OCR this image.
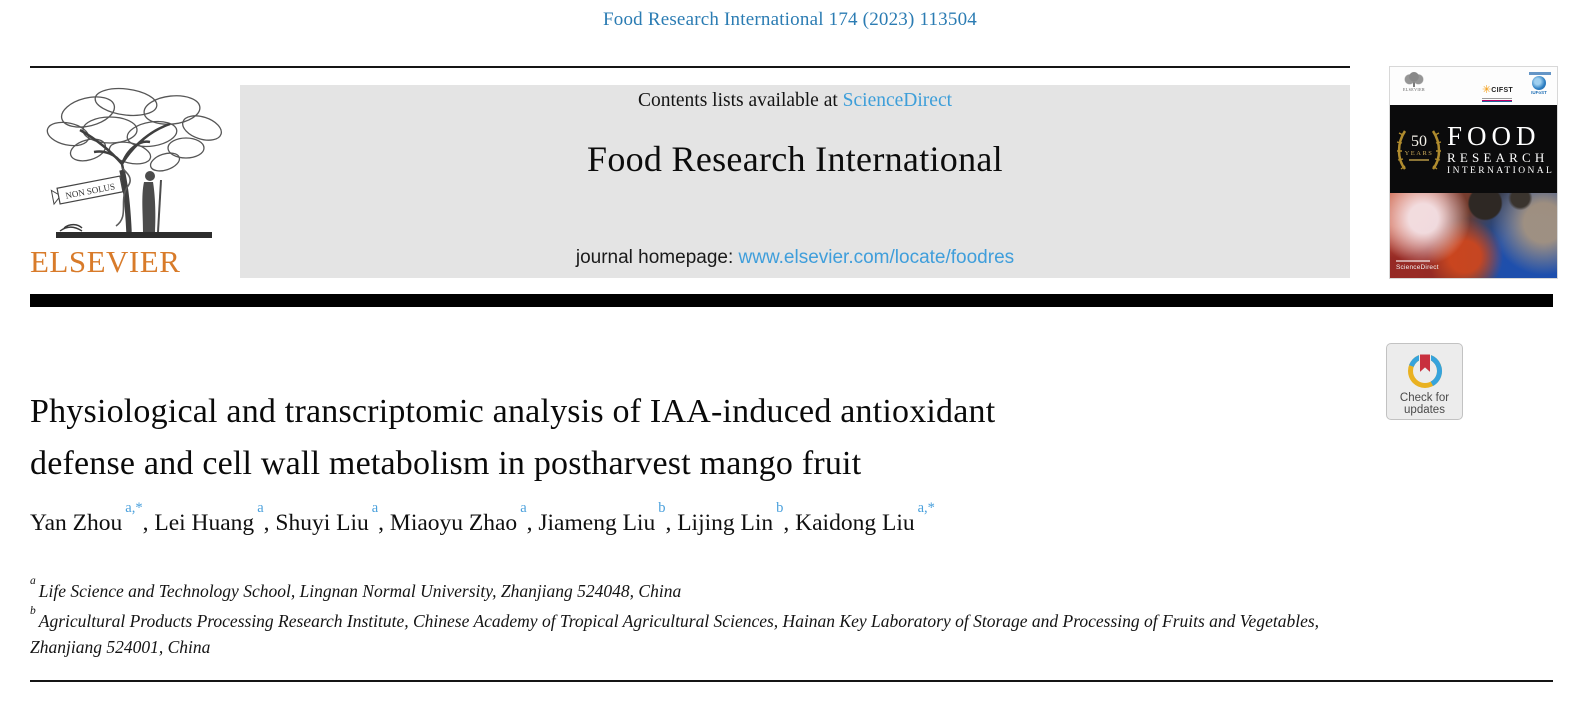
Food Research International 174 (2023) 113504
NON SOLUS
ELSEVIER
Contents lists available at ScienceDirect
Food Research International
journal homepage: www.elsevier.com/locate/foodres
ELSEVIER	✳CIFST	IUFoST
50
YEARS
FOOD
RESEARCH
INTERNATIONAL
ScienceDirect
Physiological and transcriptomic analysis of IAA-induced antioxidant
defense and cell wall metabolism in postharvest mango fruit
Check for
updates
Yan Zhou$^{a,*}$, Lei Huang$^a$, Shuyi Liu$^a$, Miaoyu Zhao$^a$, Jiameng Liu$^b$, Lijing Lin$^b$, Kaidong Liu$^{a,*}$

$^a$ Life Science and Technology School, Lingnan Normal University, Zhanjiang 524048, China

$^b$ Agricultural Products Processing Research Institute, Chinese Academy of Tropical Agricultural Sciences, Hainan Key Laboratory of Storage and Processing of Fruits and Vegetables, Zhanjiang 524001, China
